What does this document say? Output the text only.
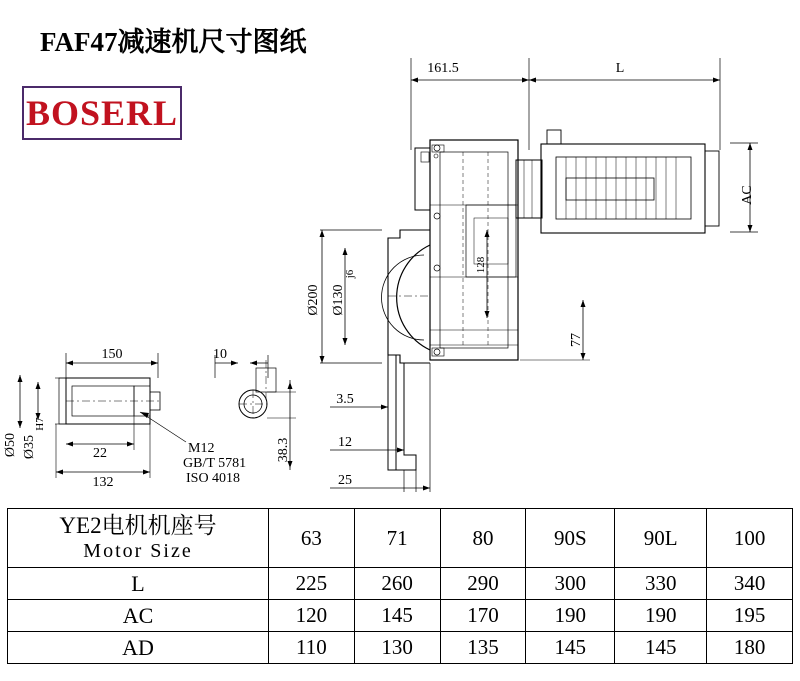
FAF47减速机尺寸图纸
BOSERL
161.5	L
AC
128
Ø200 Ø130
j6
77
3.5
12
25
150	10
22
132
38.3
Ø50 Ø35
H7
M12
GB/T 5781
ISO 4018
YE2电机机座号
Motor Size	63	71	80	90S	90L	100
L	225	260	290	300	330	340
AC	120	145	170	190	190	195
AD	110	130	135	145	145	180
